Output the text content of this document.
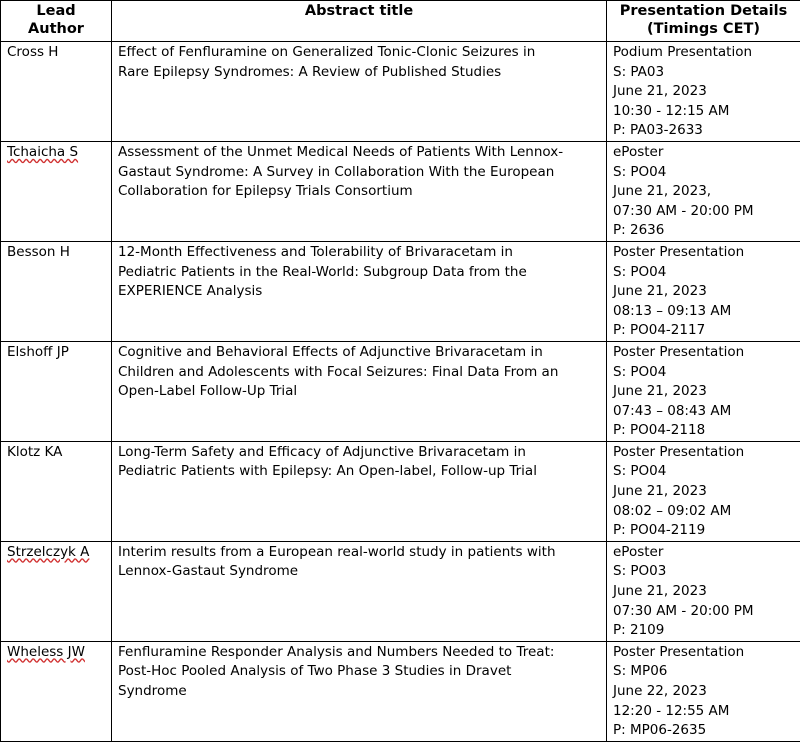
Lead
Author	Abstract title	Presentation Details
(Timings CET)

Cross H	Effect of Fenfluramine on Generalized Tonic-Clonic Seizures in
Rare Epilepsy Syndromes: A Review of Published Studies	Podium Presentation
S: PA03
June 21, 2023
10:30 - 12:15 AM
P: PA03-2633

Tchaicha S	Assessment of the Unmet Medical Needs of Patients With Lennox-
Gastaut Syndrome: A Survey in Collaboration With the European
Collaboration for Epilepsy Trials Consortium	ePoster
S: PO04
June 21, 2023,
07:30 AM - 20:00 PM
P: 2636

Besson H	12-Month Effectiveness and Tolerability of Brivaracetam in
Pediatric Patients in the Real-World: Subgroup Data from the
EXPERIENCE Analysis	Poster Presentation
S: PO04
June 21, 2023
08:13 – 09:13 AM
P: PO04-2117

Elshoff JP	Cognitive and Behavioral Effects of Adjunctive Brivaracetam in
Children and Adolescents with Focal Seizures: Final Data From an
Open-Label Follow-Up Trial	Poster Presentation
S: PO04
June 21, 2023
07:43 – 08:43 AM
P: PO04-2118

Klotz KA	Long-Term Safety and Efficacy of Adjunctive Brivaracetam in
Pediatric Patients with Epilepsy: An Open-label, Follow-up Trial	Poster Presentation
S: PO04
June 21, 2023
08:02 – 09:02 AM
P: PO04-2119

Strzelczyk A	Interim results from a European real-world study in patients with
Lennox-Gastaut Syndrome	ePoster
S: PO03
June 21, 2023
07:30 AM - 20:00 PM
P: 2109

Wheless JW	Fenfluramine Responder Analysis and Numbers Needed to Treat:
Post-Hoc Pooled Analysis of Two Phase 3 Studies in Dravet
Syndrome	Poster Presentation
S: MP06
June 22, 2023
12:20 - 12:55 AM
P: MP06-2635
